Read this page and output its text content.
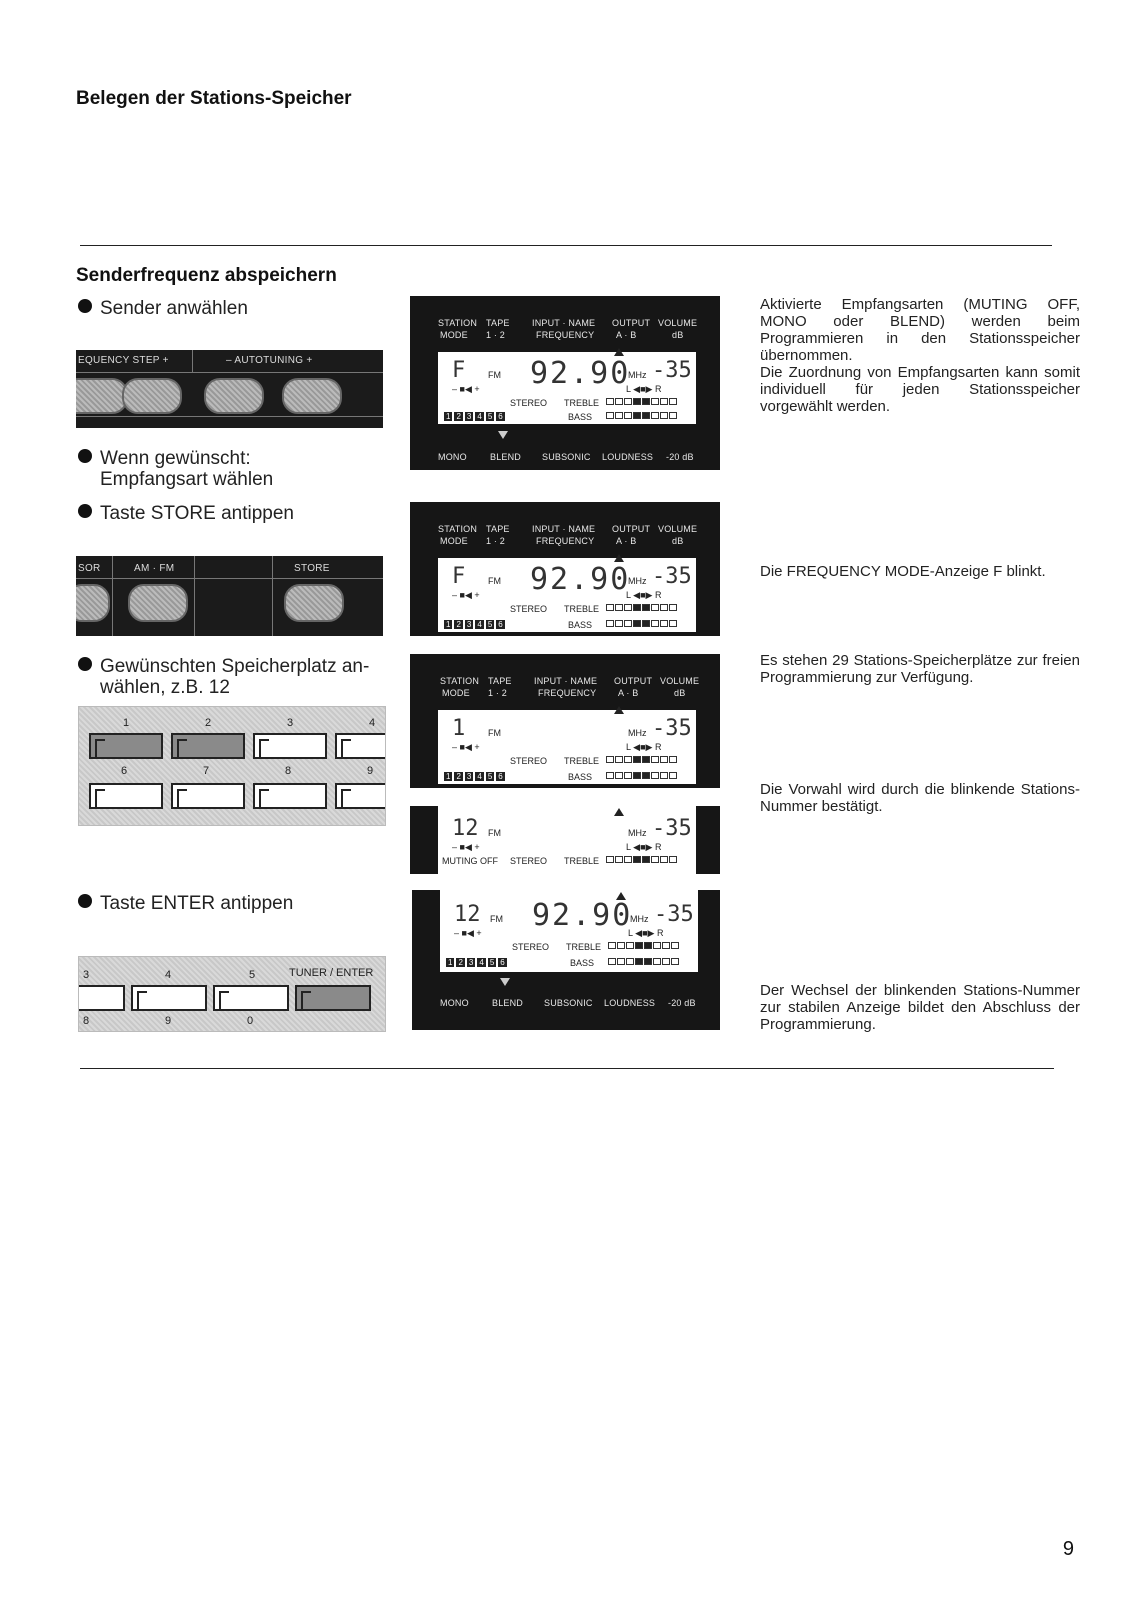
Belegen der Stations-Speicher
Senderfrequenz abspeichern
Sender anwählen
Wenn gewünscht:
Empfangsart wählen
Taste STORE antippen
Gewünschten Speicherplatz an-
wählen, z.B. 12
Taste ENTER antippen
EQUENCY STEP +	– AUTOTUNING +
SOR	AM · FM	STORE
1	2	3	4
6	7	8	9
3	4	5	TUNER / ENTER
8	9	0
STATION
MODE
TAPE
1 · 2
INPUT · NAME
FREQUENCY
OUTPUT
A · B
VOLUME
dB
F	FM 92.90
MHz -35
– ■◀ +	L ◀■▶ R
STEREO TREBLE
BASS
1 2 3 4 5 6
MONO	BLEND SUBSONIC LOUDNESS -20 dB
STATION
MODE
TAPE
1 · 2
INPUT · NAME
FREQUENCY
OUTPUT
A · B
VOLUME
dB
F	FM 92.90
MHz -35
– ■◀ +	L ◀■▶ R
STEREO TREBLE
BASS
1 2 3 4 5 6
STATION
MODE
TAPE
1 · 2
INPUT · NAME
FREQUENCY
OUTPUT
A · B
VOLUME
dB
1	FM	MHz -35
– ■◀ +	L ◀■▶ R
STEREO TREBLE
BASS
1 2 3 4 5 6
12 FM	MHz -35
– ■◀ +	L ◀■▶ R
MUTING OFF STEREO TREBLE
12 FM 92.90
MHz -35
– ■◀ +	L ◀■▶ R
STEREO TREBLE
BASS
1 2 3 4 5 6
MONO	BLEND SUBSONIC LOUDNESS -20 dB

Aktivierte Empfangsarten (MUTING OFF, MONO oder BLEND) werden beim Programmieren in den Stationsspeicher übernommen.

Die Zuordnung von Empfangsarten kann somit individuell für jeden Stationsspeicher vorgewählt werden.

Die FREQUENCY MODE-Anzeige F blinkt.

Es stehen 29 Stations-Speicherplätze zur freien Programmierung zur Verfügung.

Die Vorwahl wird durch die blinkende Stations-Nummer bestätigt.

Der Wechsel der blinkenden Stations-Nummer zur stabilen Anzeige bildet den Abschluss der Programmierung.

9
